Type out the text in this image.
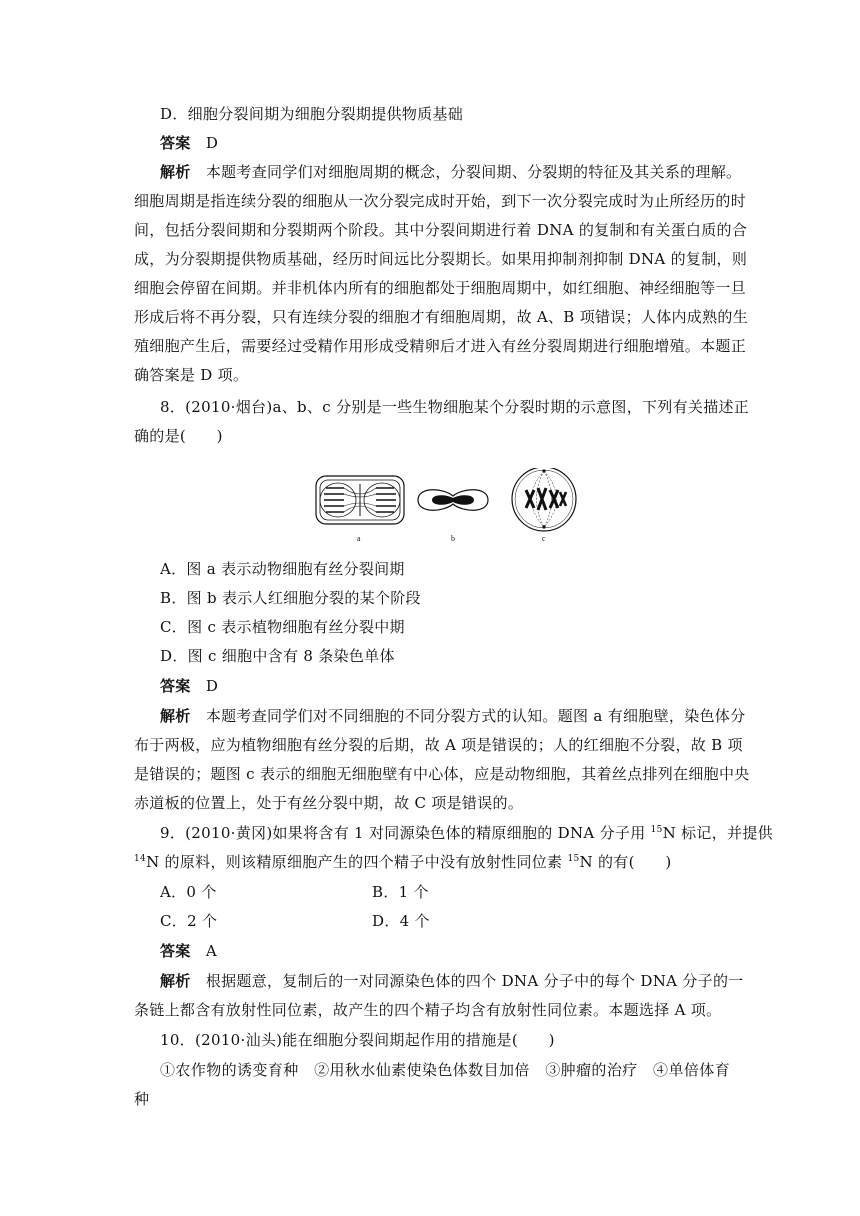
D．细胞分裂间期为细胞分裂期提供物质基础
答案 D
解析 本题考查同学们对细胞周期的概念，分裂间期、分裂期的特征及其关系的理解。
细胞周期是指连续分裂的细胞从一次分裂完成时开始，到下一次分裂完成时为止所经历的时
间，包括分裂间期和分裂期两个阶段。其中分裂间期进行着 DNA 的复制和有关蛋白质的合
成，为分裂期提供物质基础，经历时间远比分裂期长。如果用抑制剂抑制 DNA 的复制，则
细胞会停留在间期。并非机体内所有的细胞都处于细胞周期中，如红细胞、神经细胞等一旦
形成后将不再分裂，只有连续分裂的细胞才有细胞周期，故 A、B 项错误；人体内成熟的生
殖细胞产生后，需要经过受精作用形成受精卵后才进入有丝分裂周期进行细胞增殖。本题正
确答案是 D 项。
8．(2010·烟台)a、b、c 分别是一些生物细胞某个分裂时期的示意图，下列有关描述正
确的是(　　)
a	b	c
A．图 a 表示动物细胞有丝分裂间期
B．图 b 表示人红细胞分裂的某个阶段
C．图 c 表示植物细胞有丝分裂中期
D．图 c 细胞中含有 8 条染色单体
答案 D
解析 本题考查同学们对不同细胞的不同分裂方式的认知。题图 a 有细胞壁，染色体分
布于两极，应为植物细胞有丝分裂的后期，故 A 项是错误的；人的红细胞不分裂，故 B 项
是错误的；题图 c 表示的细胞无细胞壁有中心体，应是动物细胞，其着丝点排列在细胞中央
赤道板的位置上，处于有丝分裂中期，故 C 项是错误的。
9．(2010·黄冈)如果将含有 1 对同源染色体的精原细胞的 DNA 分子用 $^{15}$N 标记，并提供
$^{14}$N 的原料，则该精原细胞产生的四个精子中没有放射性同位素 $^{15}$N 的有(　　)
A．0 个	B．1 个
C．2 个	D．4 个
答案 A
解析 根据题意，复制后的一对同源染色体的四个 DNA 分子中的每个 DNA 分子的一
条链上都含有放射性同位素，故产生的四个精子均含有放射性同位素。本题选择 A 项。
10．(2010·汕头)能在细胞分裂间期起作用的措施是(　　)
①农作物的诱变育种　②用秋水仙素使染色体数目加倍　③肿瘤的治疗　④单倍体育
种
